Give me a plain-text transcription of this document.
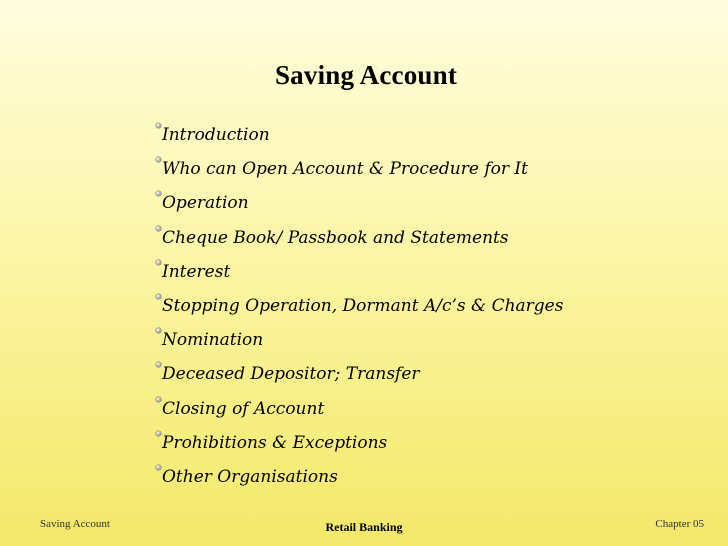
Saving Account
Introduction
Who can Open Account & Procedure for It
Operation
Cheque Book/ Passbook and Statements
Interest
Stopping Operation, Dormant A/c’s & Charges
Nomination
Deceased Depositor; Transfer
Closing of Account
Prohibitions & Exceptions
Other Organisations
Saving Account	Retail Banking	Chapter 05
